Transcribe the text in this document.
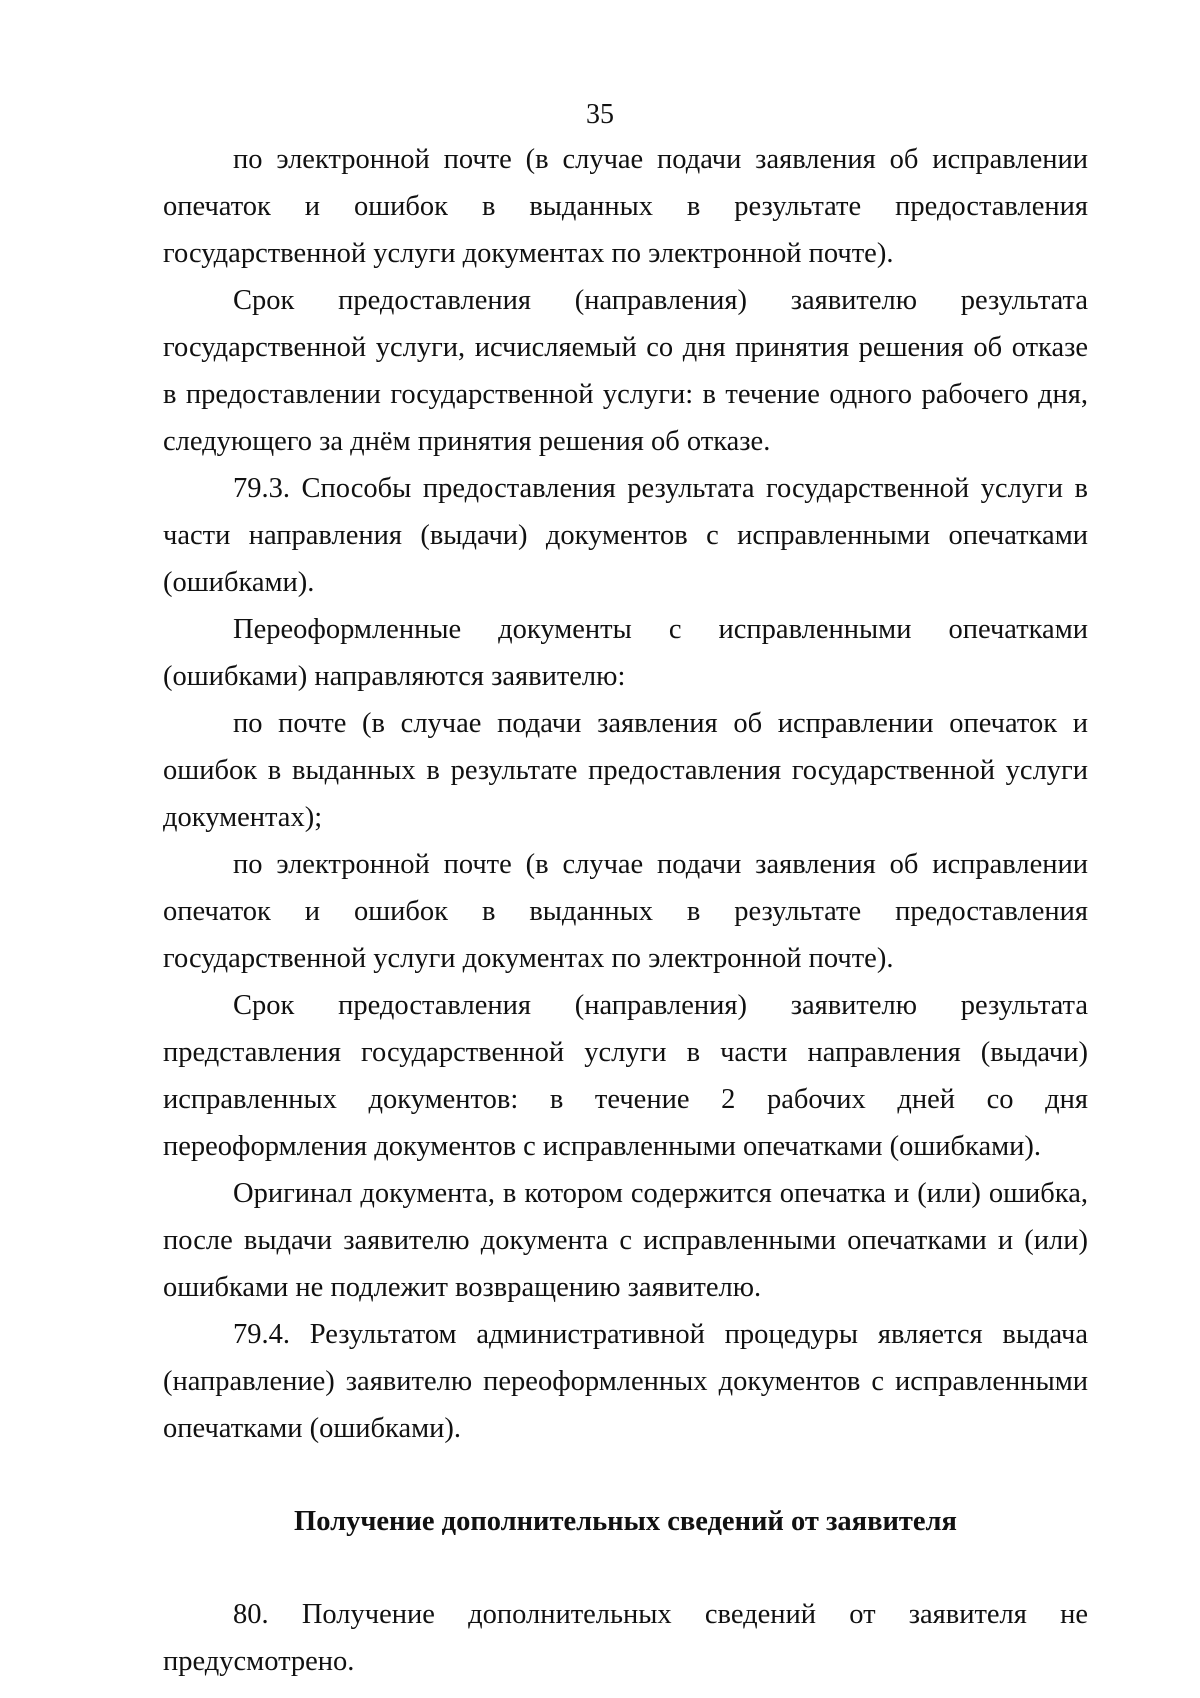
35

по электронной почте (в случае подачи заявления об исправлении опечаток и ошибок в выданных в результате предоставления государственной услуги документах по электронной почте).

Срок предоставления (направления) заявителю результата государственной услуги, исчисляемый со дня принятия решения об отказе в предоставлении государственной услуги: в течение одного рабочего дня, следующего за днём принятия решения об отказе.

79.3. Способы предоставления результата государственной услуги в части направления (выдачи) документов с исправленными опечатками (ошибками).

Переоформленные документы с исправленными опечатками (ошибками) направляются заявителю:

по почте (в случае подачи заявления об исправлении опечаток и ошибок в выданных в результате предоставления государственной услуги документах);

по электронной почте (в случае подачи заявления об исправлении опечаток и ошибок в выданных в результате предоставления государственной услуги документах по электронной почте).

Срок предоставления (направления) заявителю результата представления государственной услуги в части направления (выдачи) исправленных документов: в течение 2 рабочих дней со дня переоформления документов с исправленными опечатками (ошибками).

Оригинал документа, в котором содержится опечатка и (или) ошибка, после выдачи заявителю документа с исправленными опечатками и (или) ошибками не подлежит возвращению заявителю.

79.4. Результатом административной процедуры является выдача (направление) заявителю переоформленных документов с исправленными опечатками (ошибками).

Получение дополнительных сведений от заявителя

80. Получение дополнительных сведений от заявителя не предусмотрено.
